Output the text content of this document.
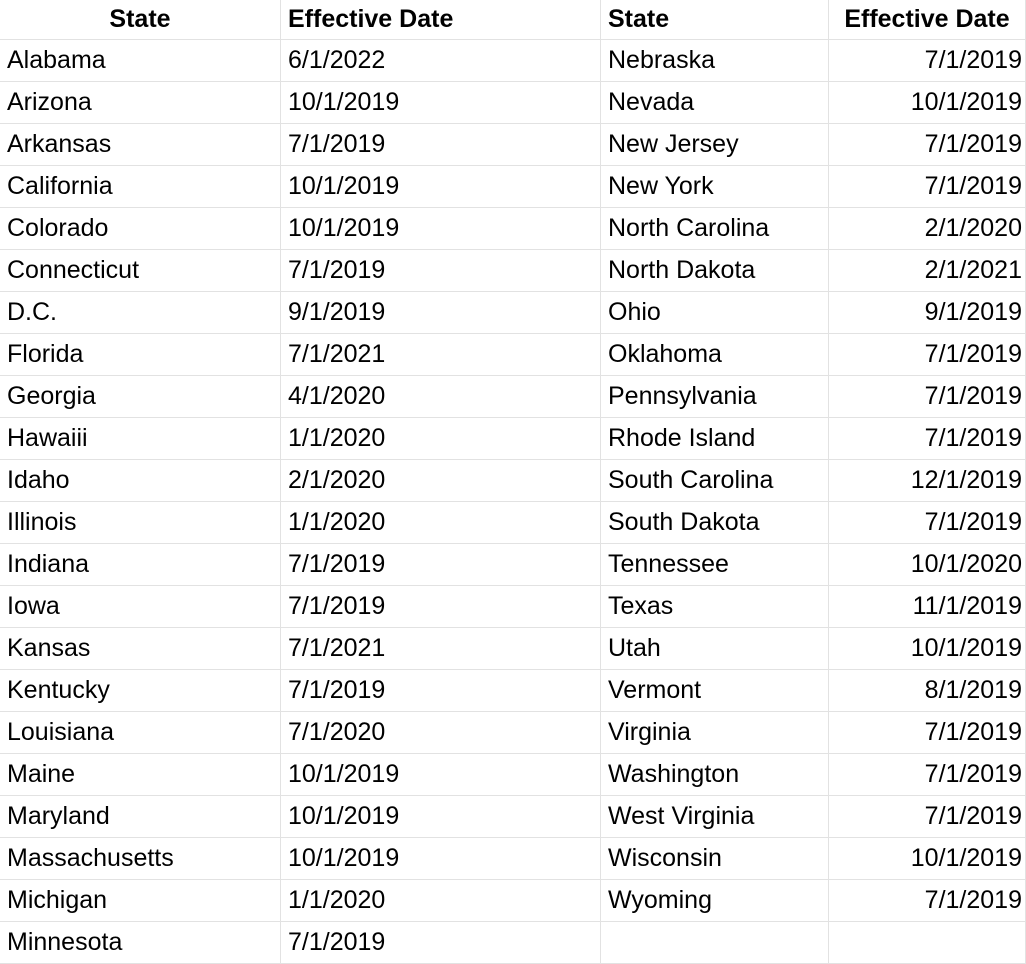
State	Effective Date	State	Effective Date
Alabama	6/1/2022	Nebraska	7/1/2019
Arizona	10/1/2019	Nevada	10/1/2019
Arkansas	7/1/2019	New Jersey	7/1/2019
California	10/1/2019	New York	7/1/2019
Colorado	10/1/2019	North Carolina	2/1/2020
Connecticut	7/1/2019	North Dakota	2/1/2021
D.C.	9/1/2019	Ohio	9/1/2019
Florida	7/1/2021	Oklahoma	7/1/2019
Georgia	4/1/2020	Pennsylvania	7/1/2019
Hawaiii	1/1/2020	Rhode Island	7/1/2019
Idaho	2/1/2020	South Carolina	12/1/2019
Illinois	1/1/2020	South Dakota	7/1/2019
Indiana	7/1/2019	Tennessee	10/1/2020
Iowa	7/1/2019	Texas	11/1/2019
Kansas	7/1/2021	Utah	10/1/2019
Kentucky	7/1/2019	Vermont	8/1/2019
Louisiana	7/1/2020	Virginia	7/1/2019
Maine	10/1/2019	Washington	7/1/2019
Maryland	10/1/2019	West Virginia	7/1/2019
Massachusetts	10/1/2019	Wisconsin	10/1/2019
Michigan	1/1/2020	Wyoming	7/1/2019
Minnesota	7/1/2019
